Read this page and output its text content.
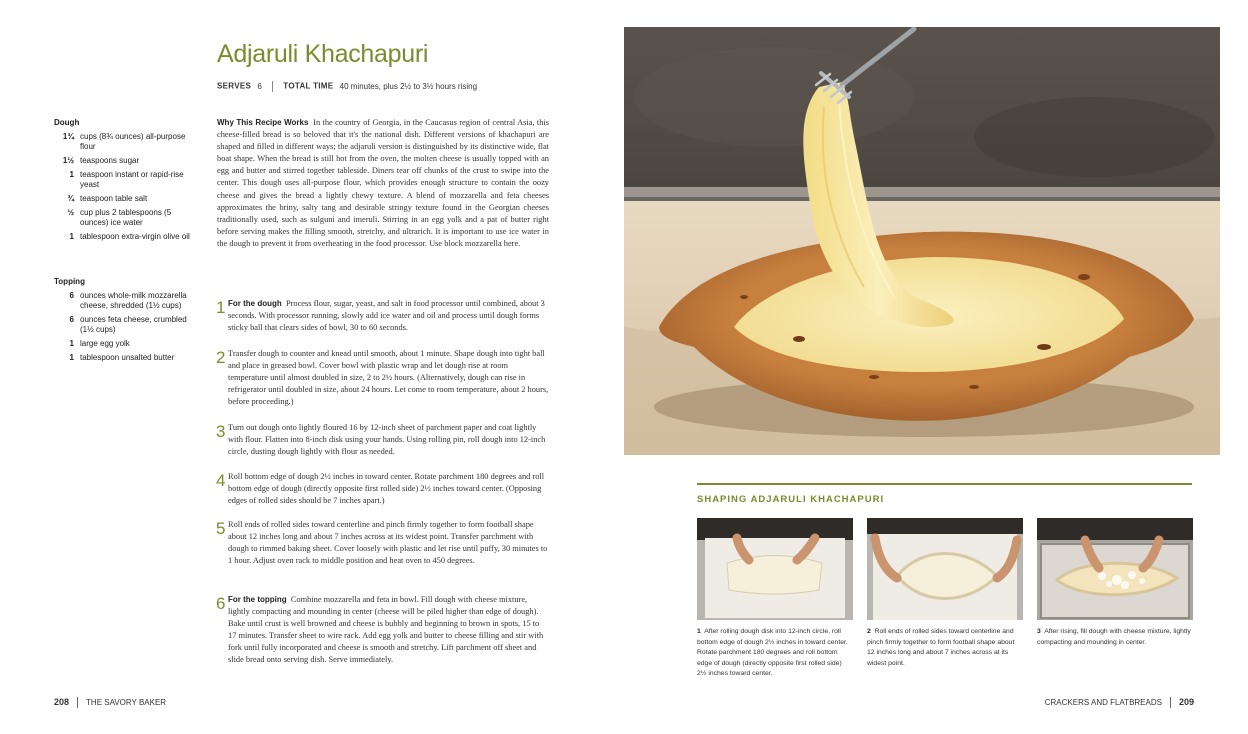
Adjaruli Khachapuri
SERVES 6	TOTAL TIME 40 minutes, plus 2½ to 3½ hours rising
Dough
1¾ cups (8¾ ounces) all-purpose flour
1½ teaspoons sugar
1 teaspoon instant or rapid-rise yeast
¾ teaspoon table salt
½ cup plus 2 tablespoons (5 ounces) ice water
1 tablespoon extra-virgin olive oil
Topping
6 ounces whole-milk mozzarella cheese, shredded (1½ cups)
6 ounces feta cheese, crumbled (1½ cups)
1 large egg yolk
1 tablespoon unsalted butter
Why This Recipe Works In the country of Georgia, in the Caucasus region of central Asia, this cheese-filled bread is so beloved that it's the national dish. Different versions of khachapuri are shaped and filled in different ways; the adjaruli version is distinguished by its distinctive wide, flat boat shape. When the bread is still hot from the oven, the molten cheese is usually topped with an egg and butter and stirred together tableside. Diners tear off chunks of the crust to swipe into the center. This dough uses all-purpose flour, which provides enough structure to contain the oozy cheese and gives the bread a lightly chewy texture. A blend of mozzarella and feta cheeses approximates the briny, salty tang and desirable stringy texture found in the Georgian cheeses traditionally used, such as sulguni and imeruli. Stirring in an egg yolk and a pat of butter right before serving makes the filling smooth, stretchy, and ultrarich. It is important to use ice water in the dough to prevent it from overheating in the food processor. Use block mozzarella here.
1 For the dough Process flour, sugar, yeast, and salt in food processor until combined, about 3 seconds. With processor running, slowly add ice water and oil and process until dough forms sticky ball that clears sides of bowl, 30 to 60 seconds.
2 Transfer dough to counter and knead until smooth, about 1 minute. Shape dough into tight ball and place in greased bowl. Cover bowl with plastic wrap and let dough rise at room temperature until almost doubled in size, 2 to 2½ hours. (Alternatively, dough can rise in refrigerator until doubled in size, about 24 hours. Let come to room temperature, about 2 hours, before proceeding.)
3 Turn out dough onto lightly floured 16 by 12-inch sheet of parchment paper and coat lightly with flour. Flatten into 8-inch disk using your hands. Using rolling pin, roll dough into 12-inch circle, dusting dough lightly with flour as needed.
4 Roll bottom edge of dough 2½ inches in toward center. Rotate parchment 180 degrees and roll bottom edge of dough (directly opposite first rolled side) 2½ inches toward center. (Opposing edges of rolled sides should be 7 inches apart.)
5 Roll ends of rolled sides toward centerline and pinch firmly together to form football shape about 12 inches long and about 7 inches across at its widest point. Transfer parchment with dough to rimmed baking sheet. Cover loosely with plastic and let rise until puffy, 30 minutes to 1 hour. Adjust oven rack to middle position and heat oven to 450 degrees.
6 For the topping Combine mozzarella and feta in bowl. Fill dough with cheese mixture, lightly compacting and mounding in center (cheese will be piled higher than edge of dough). Bake until crust is well browned and cheese is bubbly and beginning to brown in spots, 15 to 17 minutes. Transfer sheet to wire rack. Add egg yolk and butter to cheese filling and stir with fork until fully incorporated and cheese is smooth and stretchy. Lift parchment off sheet and slide bread onto serving dish. Serve immediately.
208 THE SAVORY BAKER	CRACKERS AND FLATBREADS 209
SHAPING ADJARULI KHACHAPURI
1 After rolling dough disk into 12-inch circle, roll bottom edge of dough 2½ inches in toward center. Rotate parchment 180 degrees and roll bottom edge of dough (directly opposite first rolled side) 2½ inches toward center.
2 Roll ends of rolled sides toward centerline and pinch firmly together to form football shape about 12 inches long and about 7 inches across at its widest point.
3 After rising, fill dough with cheese mixture, lightly compacting and mounding in center.
